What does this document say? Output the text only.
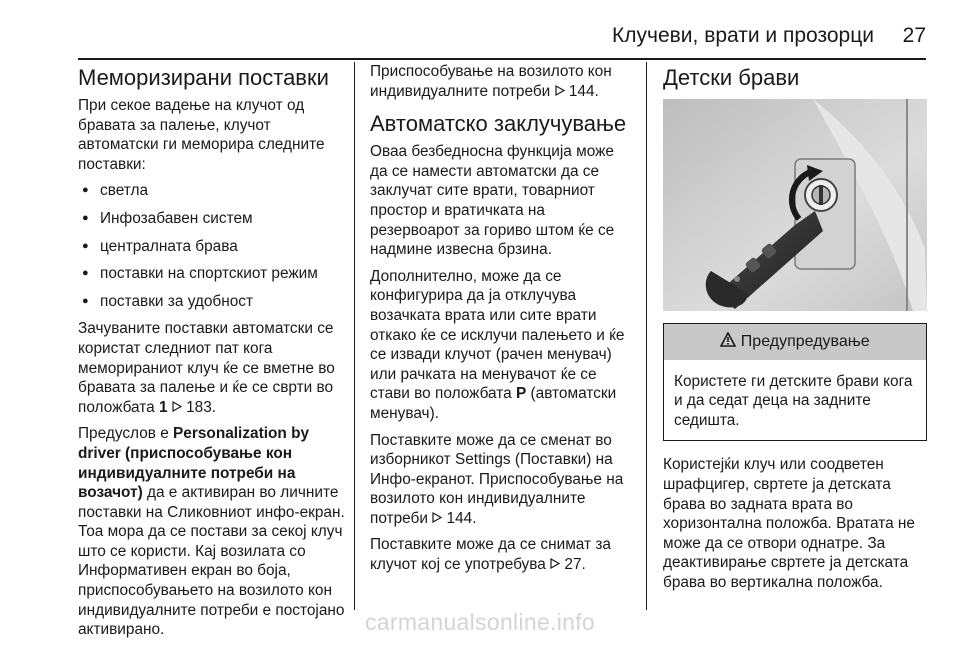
Клучеви, врати и прозорци 27
Меморизирани поставки

При секое вадење на клучот од бравата за палење, клучот автоматски ги меморира следните поставки:

● светла
● Инфозабавен систем
● централната брава
● поставки на спортскиот режим
● поставки за удобност

Зачуваните поставки автоматски се користат следниот пат кога меморираниот клуч ќе се вметне во бравата за палење и ќе се сврти во положбата 1 183.

Предуслов е Personalization by driver (приспособување кон индивидуалните потреби на возачот) да е активиран во личните поставки на Сликовниот инфо-екран. Тоа мора да се постави за секој клуч што се користи. Кај возилата со Информативен екран во боја, приспособувањето на возилото кон индивидуалните потреби е постојано активирано.

Приспособување на возилото кон индивидуалните потреби 144.

Автоматско заклучување

Оваа безбедносна функција може да се намести автоматски да се заклучат сите врати, товарниот простор и вратичката на резервоарот за гориво штом ќе се надмине извесна брзина.

Дополнително, може да се конфигурира да ја отклучува возачката врата или сите врати откако ќе се исклучи палењето и ќе се извади клучот (рачен менувач) или рачката на менувачот ќе се стави во положбата P (автоматски менувач).

Поставките може да се сменат во изборникот Settings (Поставки) на Инфо-екранот. Приспособување на возилото кон индивидуалните потреби 144.

Поставките може да се снимат за клучот кој се употребува 27.

Детски брави
Предупредување
Користете ги детските брави кога и да седат деца на задните седишта.

Користејќи клуч или соодветен шрафцигер, свртете ја детската брава во задната врата во хоризонтална положба. Вратата не може да се отвори однатре. За деактивирање свртете ја детската брава во вертикална положба.

carmanualsonline.info
